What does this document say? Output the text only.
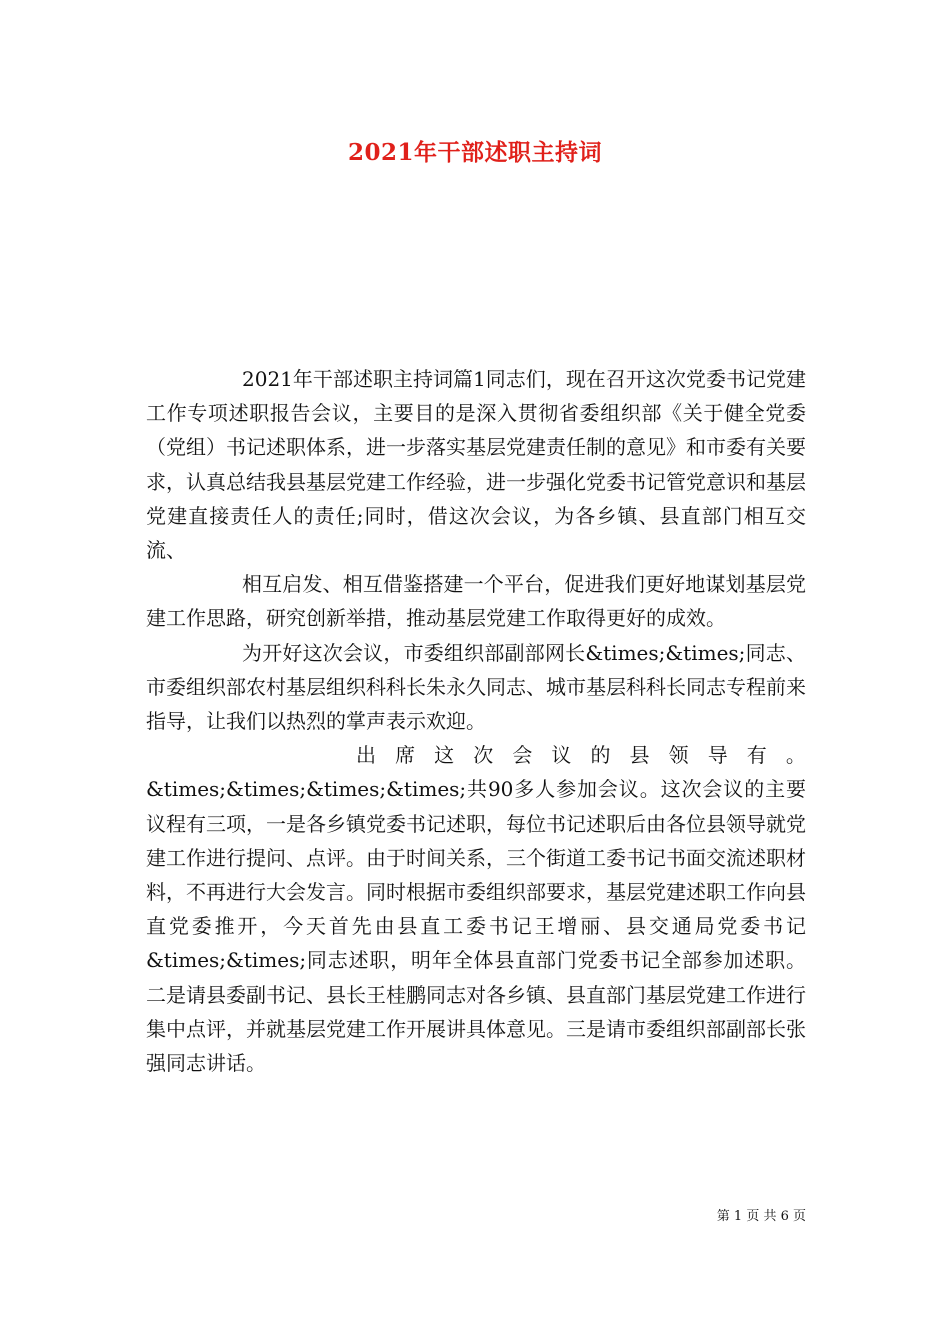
2021年干部述职主持词

2021年干部述职主持词篇1同志们，现在召开这次党委书记党建工作专项述职报告会议，主要目的是深入贯彻省委组织部《关于健全党委（党组）书记述职体系，进一步落实基层党建责任制的意见》和市委有关要求，认真总结我县基层党建工作经验，进一步强化党委书记管党意识和基层党建直接责任人的责任;同时，借这次会议，为各乡镇、县直部门相互交流、

相互启发、相互借鉴搭建一个平台，促进我们更好地谋划基层党建工作思路，研究创新举措，推动基层党建工作取得更好的成效。

为开好这次会议，市委组织部副部网长&times;&times;同志、市委组织部农村基层组织科科长朱永久同志、城市基层科科长同志专程前来指导，让我们以热烈的掌声表示欢迎。

出 席 这 次 会 议 的 县 领 导 有 。
&times;&times;&times;&times;共90多人参加会议。这次会议的主要议程有三项，一是各乡镇党委书记述职，每位书记述职后由各位县领导就党建工作进行提问、点评。由于时间关系，三个街道工委书记书面交流述职材料，不再进行大会发言。同时根据市委组织部要求，基层党建述职工作向县直党委推开，今天首先由县直工委书记王增丽、县交通局党委书记&times;&times;同志述职，明年全体县直部门党委书记全部参加述职。二是请县委副书记、县长王桂鹏同志对各乡镇、县直部门基层党建工作进行集中点评，并就基层党建工作开展讲具体意见。三是请市委组织部副部长张强同志讲话。
第 1 页 共 6 页
